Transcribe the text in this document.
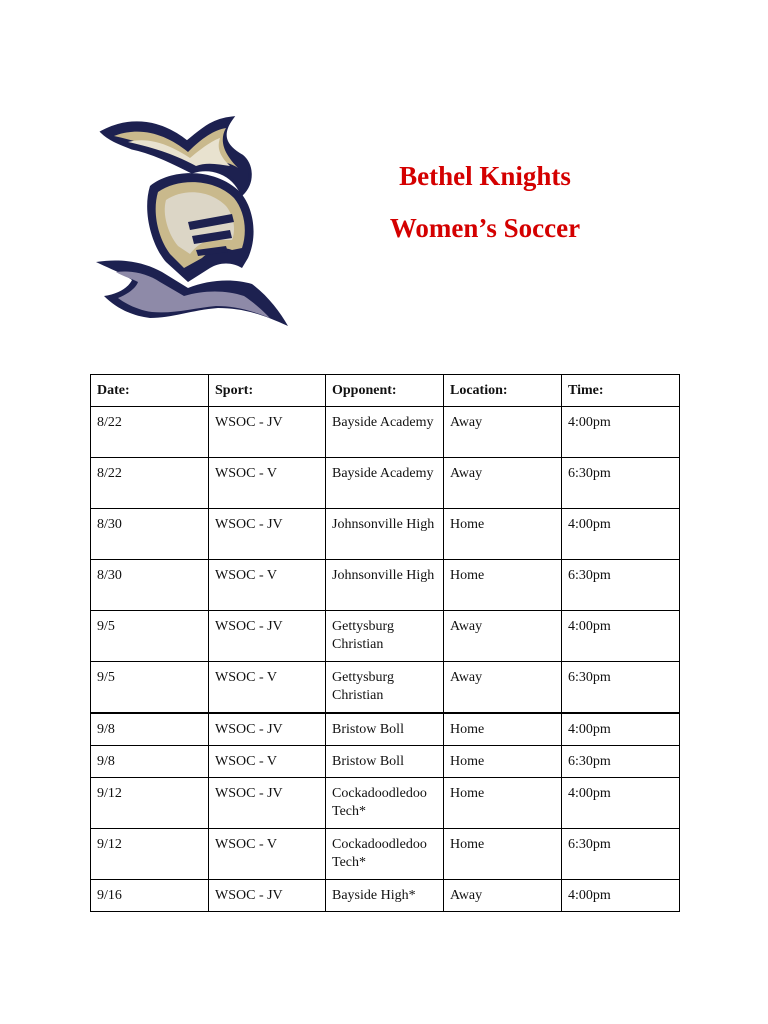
Bethel Knights

Women’s Soccer

Date:	Sport:	Opponent:	Location:	Time:
8/22	WSOC - JV	Bayside Academy	Away	4:00pm
8/22	WSOC - V	Bayside Academy	Away	6:30pm
8/30	WSOC - JV	Johnsonville High	Home	4:00pm
8/30	WSOC - V	Johnsonville High	Home	6:30pm
9/5	WSOC - JV	Gettysburg Christian	Away	4:00pm
9/5	WSOC - V	Gettysburg Christian	Away	6:30pm
9/8	WSOC - JV	Bristow Boll	Home	4:00pm
9/8	WSOC - V	Bristow Boll	Home	6:30pm
9/12	WSOC - JV	Cockadoodledoo Tech*	Home	4:00pm
9/12	WSOC - V	Cockadoodledoo Tech*	Home	6:30pm
9/16	WSOC - JV	Bayside High*	Away	4:00pm
